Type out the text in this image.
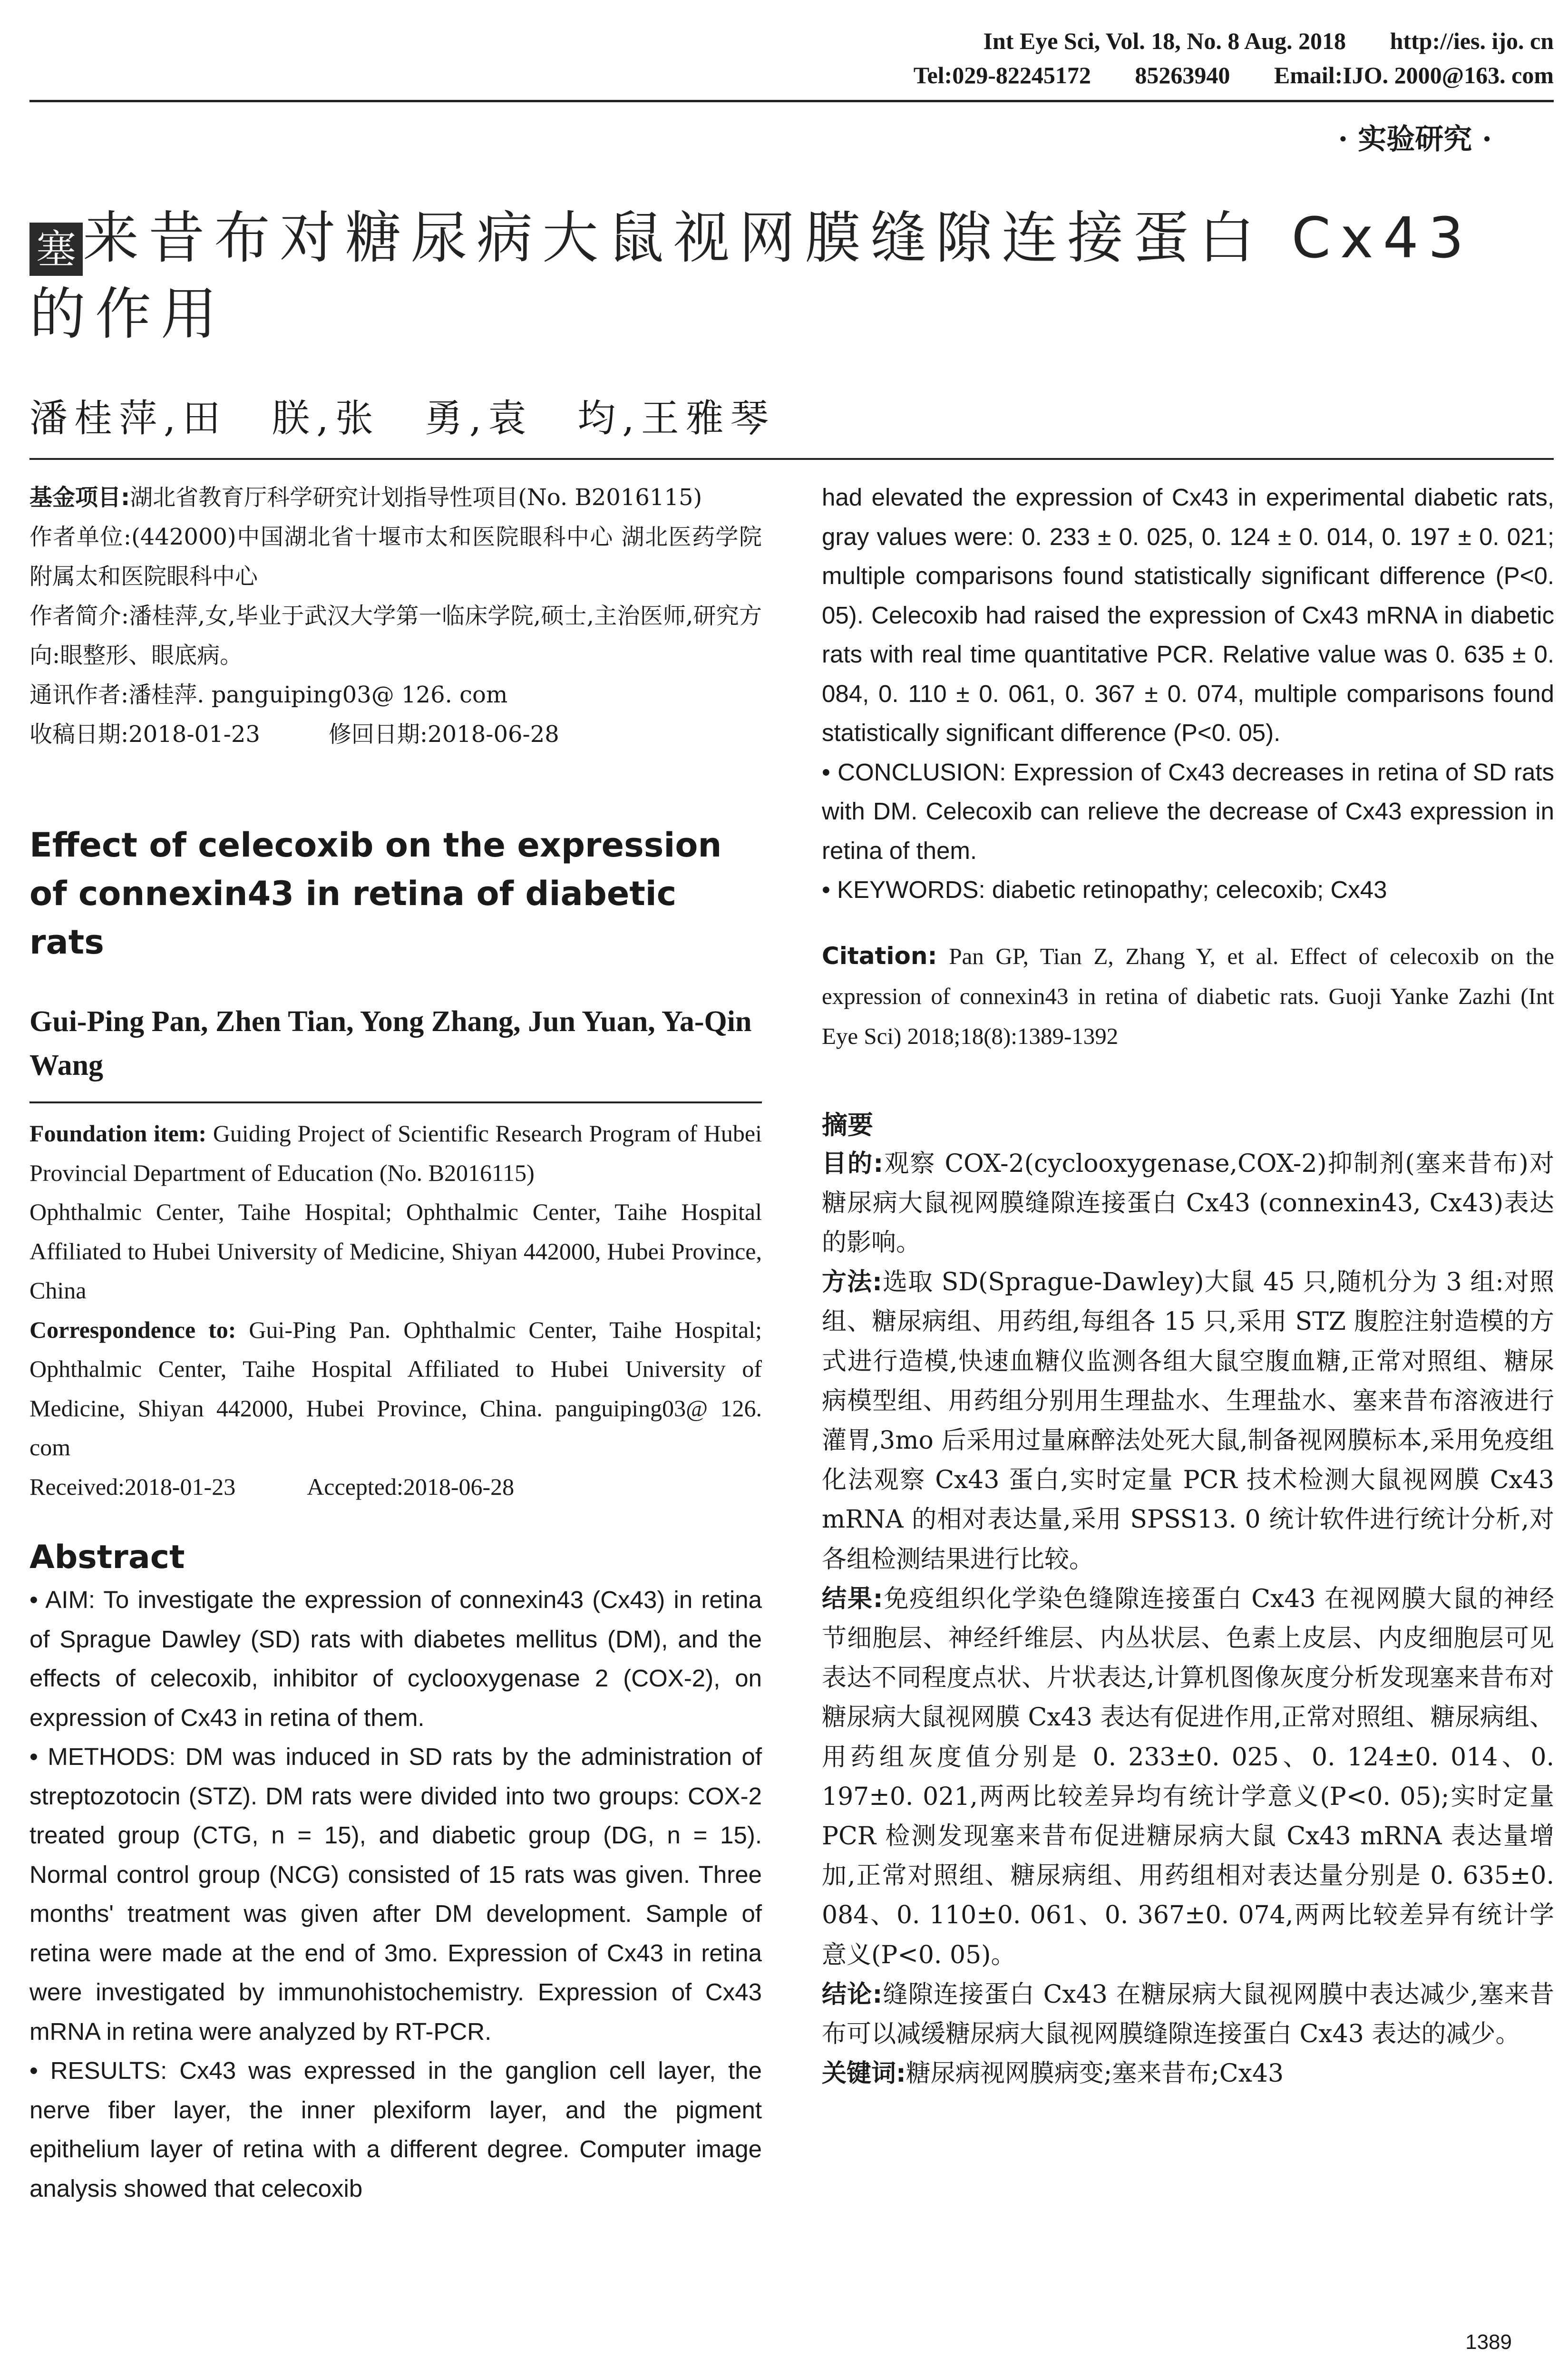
Int Eye Sci, Vol. 18, No. 8 Aug. 2018 http://ies. ijo. cn
Tel:029-82245172 85263940 Email:IJO. 2000@163. com
· 实验研究 ·
塞 来昔布对糖尿病大鼠视网膜缝隙连接蛋白 Cx43 的作用
潘桂萍,田　朕,张　勇,袁　均,王雅琴

基金项目:湖北省教育厅科学研究计划指导性项目(No. B2016115)

作者单位:(442000)中国湖北省十堰市太和医院眼科中心 湖北医药学院附属太和医院眼科中心

作者简介:潘桂萍,女,毕业于武汉大学第一临床学院,硕士,主治医师,研究方向:眼整形、眼底病。

通讯作者:潘桂萍. panguiping03@ 126. com

收稿日期:2018-01-23　　　修回日期:2018-06-28

Effect of celecoxib on the expression of connexin43 in retina of diabetic rats
Gui-Ping Pan, Zhen Tian, Yong Zhang, Jun Yuan, Ya-Qin Wang

Foundation item: Guiding Project of Scientific Research Program of Hubei Provincial Department of Education (No. B2016115)

Ophthalmic Center, Taihe Hospital; Ophthalmic Center, Taihe Hospital Affiliated to Hubei University of Medicine, Shiyan 442000, Hubei Province, China

Correspondence to: Gui-Ping Pan. Ophthalmic Center, Taihe Hospital; Ophthalmic Center, Taihe Hospital Affiliated to Hubei University of Medicine, Shiyan 442000, Hubei Province, China. panguiping03@ 126. com

Received:2018-01-23　　　Accepted:2018-06-28

Abstract

• AIM: To investigate the expression of connexin43 (Cx43) in retina of Sprague Dawley (SD) rats with diabetes mellitus (DM), and the effects of celecoxib, inhibitor of cyclooxygenase 2 (COX-2), on expression of Cx43 in retina of them.

• METHODS: DM was induced in SD rats by the administration of streptozotocin (STZ). DM rats were divided into two groups: COX-2 treated group (CTG, n = 15), and diabetic group (DG, n = 15). Normal control group (NCG) consisted of 15 rats was given. Three months' treatment was given after DM development. Sample of retina were made at the end of 3mo. Expression of Cx43 in retina were investigated by immunohistochemistry. Expression of Cx43 mRNA in retina were analyzed by RT-PCR.

• RESULTS: Cx43 was expressed in the ganglion cell layer, the nerve fiber layer, the inner plexiform layer, and the pigment epithelium layer of retina with a different degree. Computer image analysis showed that celecoxib

had elevated the expression of Cx43 in experimental diabetic rats, gray values were: 0. 233 ± 0. 025, 0. 124 ± 0. 014, 0. 197 ± 0. 021; multiple comparisons found statistically significant difference (P<0. 05). Celecoxib had raised the expression of Cx43 mRNA in diabetic rats with real time quantitative PCR. Relative value was 0. 635 ± 0. 084, 0. 110 ± 0. 061, 0. 367 ± 0. 074, multiple comparisons found statistically significant difference (P<0. 05).

• CONCLUSION: Expression of Cx43 decreases in retina of SD rats with DM. Celecoxib can relieve the decrease of Cx43 expression in retina of them.

• KEYWORDS: diabetic retinopathy; celecoxib; Cx43

Citation: Pan GP, Tian Z, Zhang Y, et al. Effect of celecoxib on the expression of connexin43 in retina of diabetic rats. Guoji Yanke Zazhi (Int Eye Sci) 2018;18(8):1389-1392

摘要

目的:观察 COX-2(cyclooxygenase,COX-2)抑制剂(塞来昔布)对糖尿病大鼠视网膜缝隙连接蛋白 Cx43 (connexin43, Cx43)表达的影响。

方法:选取 SD(Sprague-Dawley)大鼠 45 只,随机分为 3 组:对照组、糖尿病组、用药组,每组各 15 只,采用 STZ 腹腔注射造模的方式进行造模,快速血糖仪监测各组大鼠空腹血糖,正常对照组、糖尿病模型组、用药组分别用生理盐水、生理盐水、塞来昔布溶液进行灌胃,3mo 后采用过量麻醉法处死大鼠,制备视网膜标本,采用免疫组化法观察 Cx43 蛋白,实时定量 PCR 技术检测大鼠视网膜 Cx43 mRNA 的相对表达量,采用 SPSS13. 0 统计软件进行统计分析,对各组检测结果进行比较。

结果:免疫组织化学染色缝隙连接蛋白 Cx43 在视网膜大鼠的神经节细胞层、神经纤维层、内丛状层、色素上皮层、内皮细胞层可见表达不同程度点状、片状表达,计算机图像灰度分析发现塞来昔布对糖尿病大鼠视网膜 Cx43 表达有促进作用,正常对照组、糖尿病组、用药组灰度值分别是 0. 233±0. 025、0. 124±0. 014、0. 197±0. 021,两两比较差异均有统计学意义(P<0. 05);实时定量 PCR 检测发现塞来昔布促进糖尿病大鼠 Cx43 mRNA 表达量增加,正常对照组、糖尿病组、用药组相对表达量分别是 0. 635±0. 084、0. 110±0. 061、0. 367±0. 074,两两比较差异有统计学意义(P<0. 05)。

结论:缝隙连接蛋白 Cx43 在糖尿病大鼠视网膜中表达减少,塞来昔布可以减缓糖尿病大鼠视网膜缝隙连接蛋白 Cx43 表达的减少。

关键词:糖尿病视网膜病变;塞来昔布;Cx43

1389
